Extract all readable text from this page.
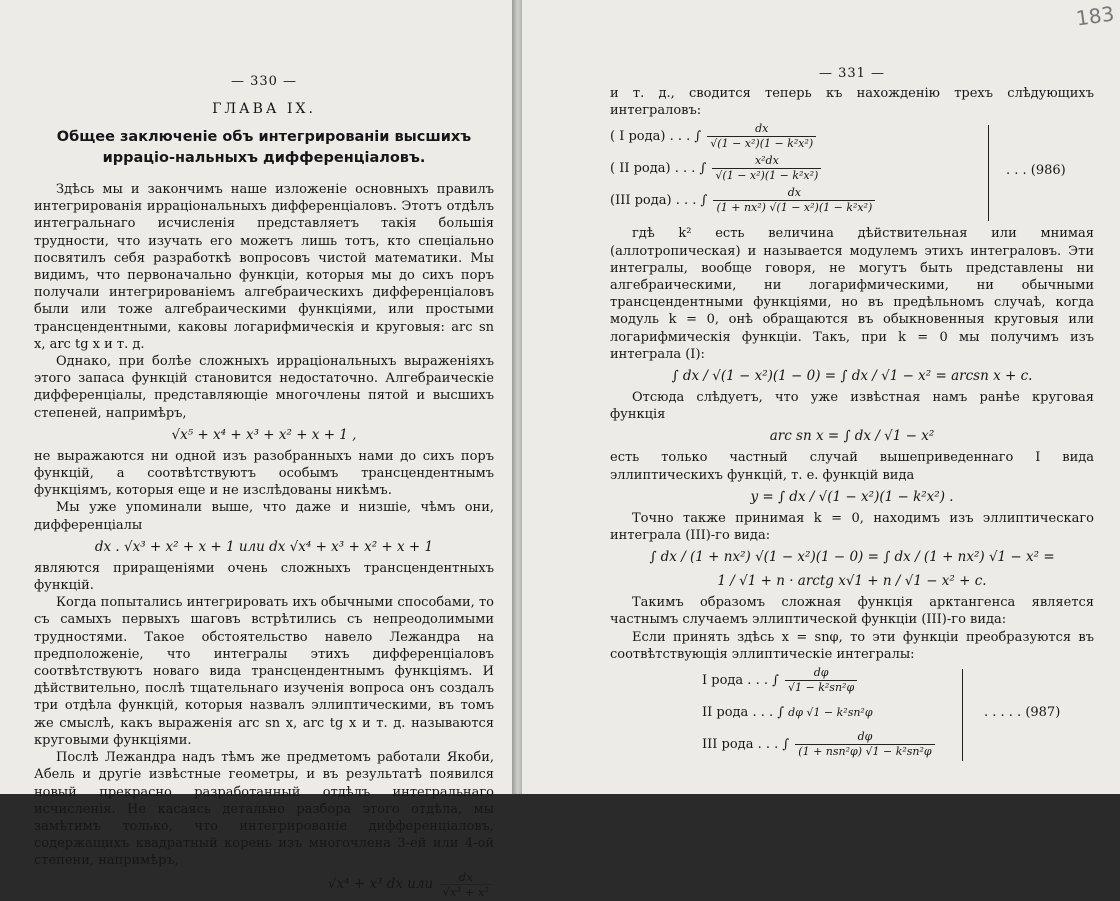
— 330 —
ГЛАВА IX.
Общее заключенie объ интегрированiи высшихъ ирраціо-нальныхъ дифференціаловъ.

Здѣсь мы и закончимъ наше изложенiе основныхъ правилъ интегрированiя ирраціональныхъ дифференціаловъ. Этотъ отдѣлъ интегральнаго исчисленiя представляетъ такія большія трудности, что изучать его можетъ лишь тотъ, кто спеціально посвятилъ себя разработкѣ вопросовъ чистой математики. Мы видимъ, что первоначально функцiи, которыя мы до сихъ поръ получали интегрированiемъ алгебраическихъ дифференціаловъ были или тоже алгебраическими функціями, или простыми трансцендентными, каковы логарифмическія и круговыя: arc sn x, arc tg x и т. д.

Однако, при болѣе сложныхъ ирраціональныхъ выраженiяхъ этого запаса функцій становится недостаточно. Алгебраическіе дифференціалы, представляющіе многочлены пятой и высшихъ степеней, напримѣръ,

√x⁵ + x⁴ + x³ + x² + x + 1 ,

не выражаются ни одной изъ разобранныхъ нами до сихъ поръ функцій, а соотвѣтствуютъ особымъ трансцендентнымъ функціямъ, которыя еще и не изслѣдованы никѣмъ.

Мы уже упоминали выше, что даже и низшiе, чѣмъ они, дифференціалы

dx . √x³ + x² + x + 1 или dx √x⁴ + x³ + x² + x + 1

являются приращенiями очень сложныхъ трансцендентныхъ функцій.

Когда попытались интегрировать ихъ обычными способами, то съ самыхъ первыхъ шаговъ встрѣтились съ непреодолимыми трудностями. Такое обстоятельство навело Лежандра на предположенiе, что интегралы этихъ дифференціаловъ соотвѣтствуютъ новаго вида трансцендентнымъ функціямъ. И дѣйствительно, послѣ тщательнаго изученiя вопроса онъ создалъ три отдѣла функцій, которыя назвалъ эллиптическими, въ томъ же смыслѣ, какъ выраженiя arc sn x, arc tg x и т. д. называются круговыми функціями.

Послѣ Лежандра надъ тѣмъ же предметомъ работали Якоби, Абель и другiе извѣстные геометры, и въ результатѣ появился новый прекрасно разработанный отдѣлъ интегральнаго исчисленiя. Не касаясь детально разбора этого отдѣла, мы замѣтимъ только, что интегрированiе дифференціаловъ, содержащихъ квадратный корень изъ многочлена 3-ей или 4-ой степени, напримѣръ,

√x⁴ + x³ dx или $\frac{dx}{\text{√x³ + x²}}$
183
— 331 —

и т. д., сводится теперь къ нахожденiю трехъ слѣдующихъ интеграловъ:

( I рода) . . . ∫ $\frac{dx}{\text{√(1 − x²)(1 − k²x²)}}$
( II рода) . . . ∫ $\frac{\text{x²dx}}{\text{√(1 − x²)(1 − k²x²)}}$
(III рода) . . . ∫ $\frac{dx}{\text{(1 + nx²) √(1 − x²)(1 − k²x²)}}$
. . . (986)

гдѣ k² есть величина дѣйствительная или мнимая (аллотропическая) и называется модулемъ этихъ интеграловъ. Эти интегралы, вообще говоря, не могутъ быть представлены ни алгебраическими, ни логарифмическими, ни обычными трансцендентными функціями, но въ предѣльномъ случаѣ, когда модуль k = 0, онѣ обращаются въ обыкновенныя круговыя или логарифмическія функцiи. Такъ, при k = 0 мы получимъ изъ интеграла (I):

∫ dx / √(1 − x²)(1 − 0) = ∫ dx / √1 − x² = arcsn x + c.

Отсюда слѣдуетъ, что уже извѣстная намъ ранѣе круговая функція

arc sn x = ∫ dx / √1 − x²

есть только частный случай вышеприведеннаго I вида эллиптическихъ функцій, т. е. функцiй вида

y = ∫ dx / √(1 − x²)(1 − k²x²) .

Точно также принимая k = 0, находимъ изъ эллиптическаго интеграла (III)-го вида:

∫ dx / (1 + nx²) √(1 − x²)(1 − 0) = ∫ dx / (1 + nx²) √1 − x² =
1 / √1 + n · arctg x√1 + n / √1 − x² + c.

Такимъ образомъ сложная функція арктангенса является частнымъ случаемъ эллиптической функцiи (III)-го вида:

Если принять здѣсь x = snφ, то эти функцiи преобразуются въ соотвѣтствующія эллиптическіе интегралы:

I рода . . . ∫ $\frac{d\varphi}{\text{√1 − k²sn²φ}}$
II рода . . . ∫ dφ √1 − k²sn²φ
III рода . . . ∫ $\frac{d\varphi}{\text{(1 + nsn²φ) √1 − k²sn²φ}}$
. . . . . (987)
